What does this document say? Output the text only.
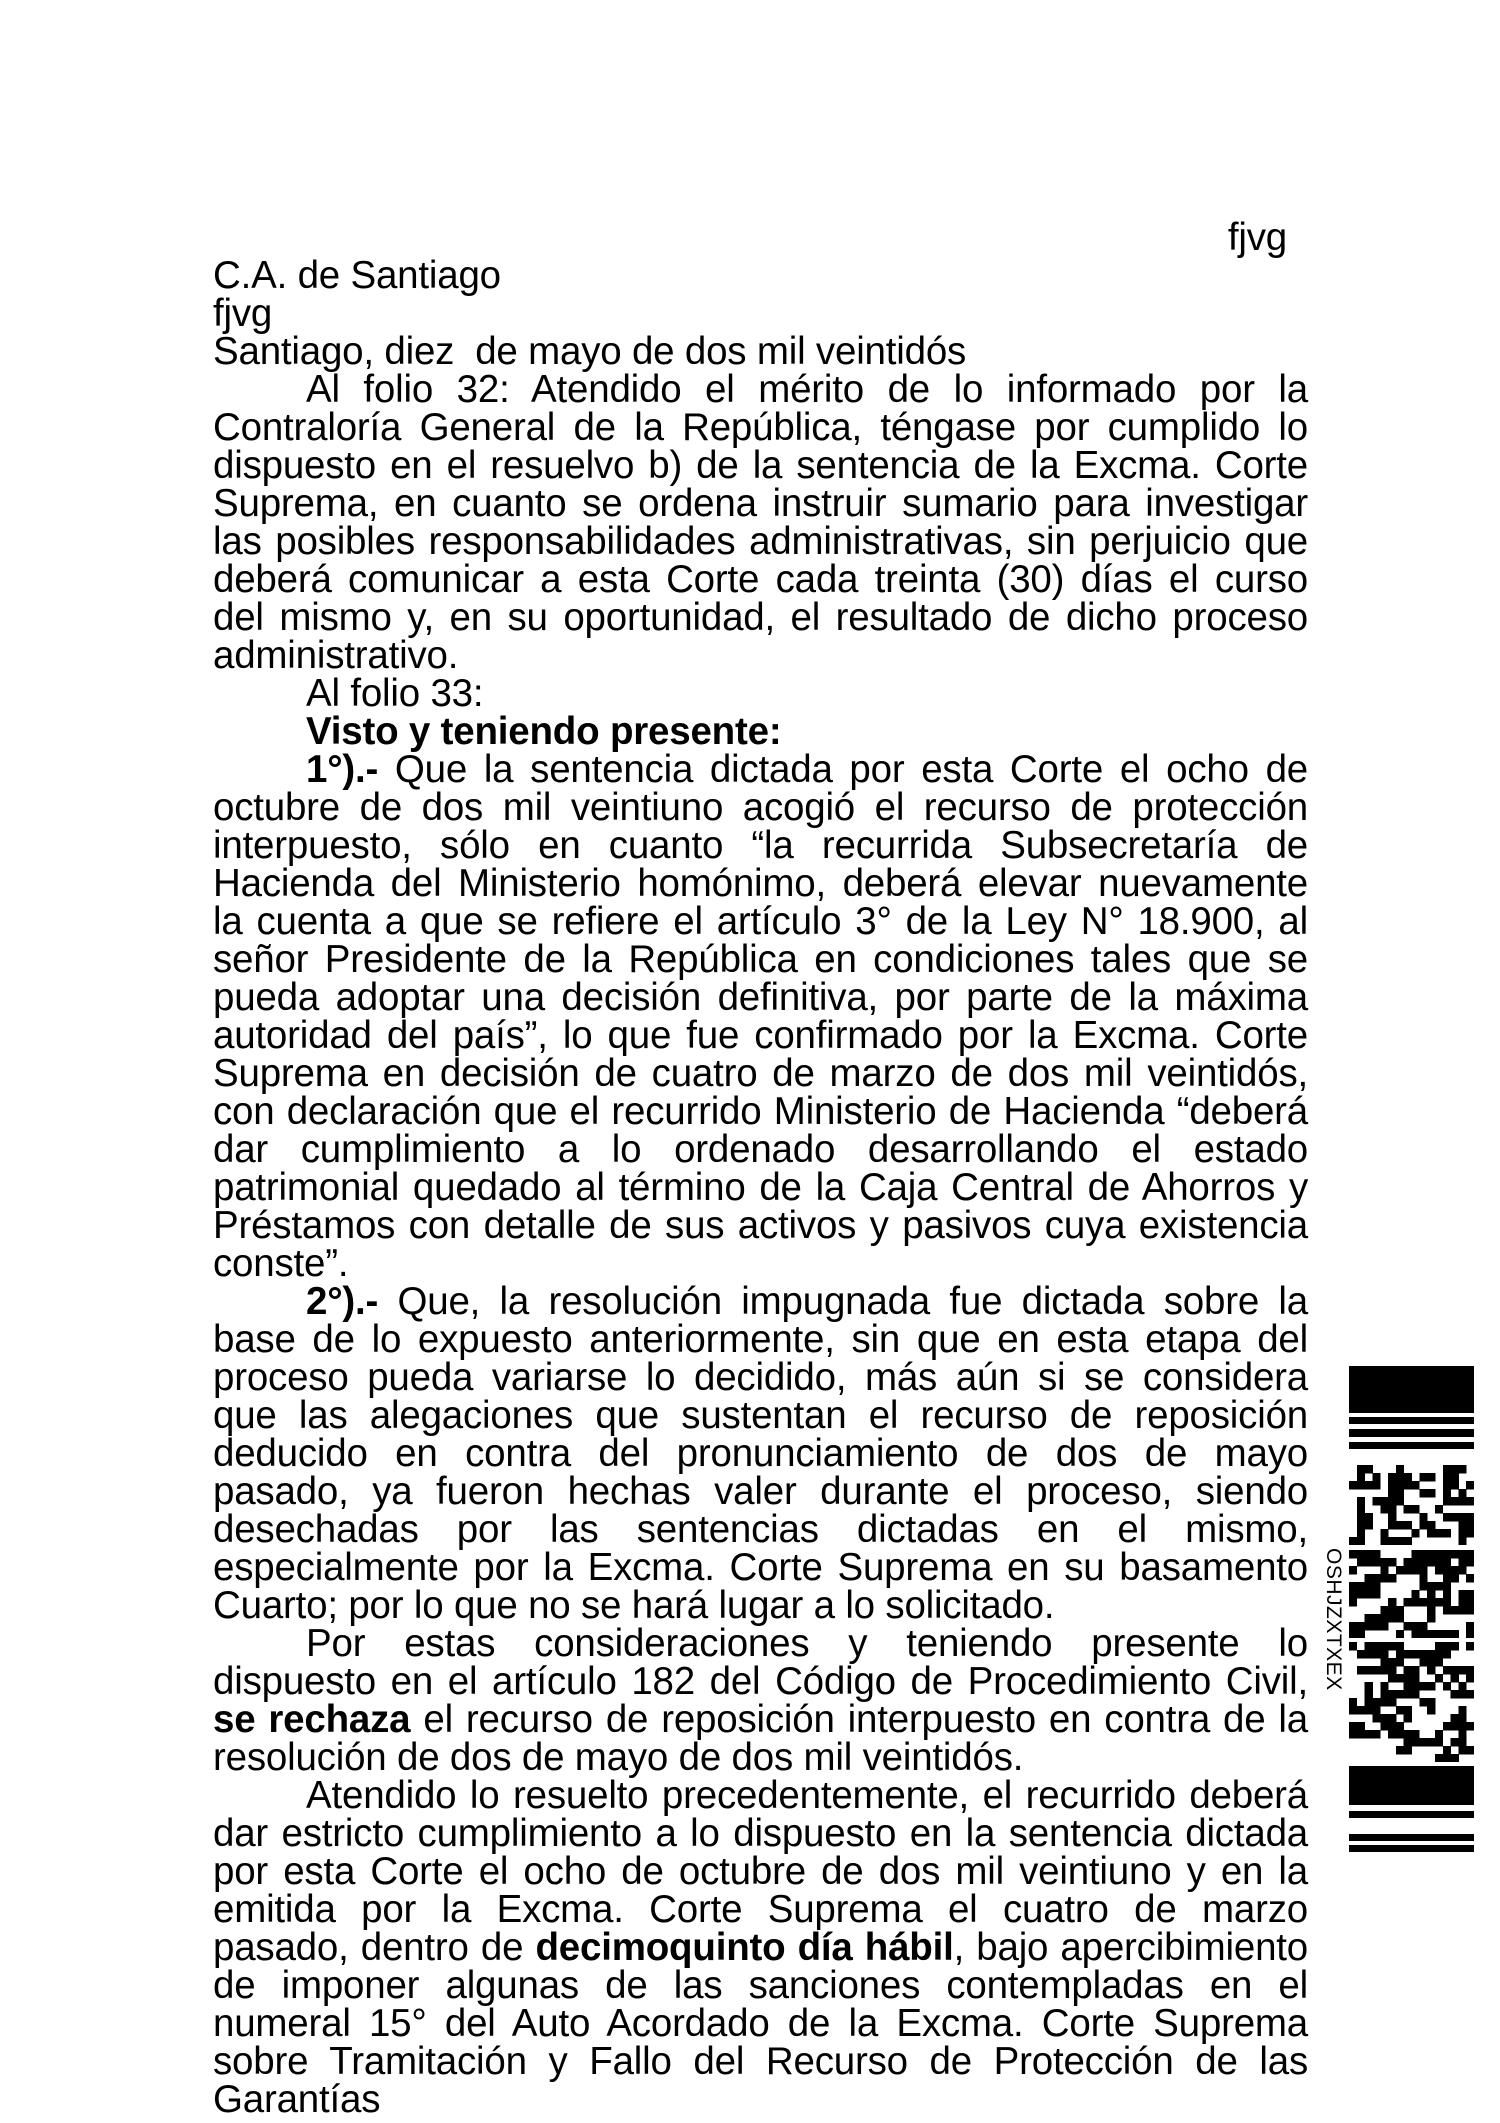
fjvg
C.A. de Santiago
fjvg
Santiago, diez  de mayo de dos mil veintidós

Al folio 32: Atendido el mérito de lo informado por la Contraloría General de la República, téngase por cumplido lo dispuesto en el resuelvo b) de la sentencia de la Excma. Corte Suprema, en cuanto se ordena instruir sumario para investigar las posibles responsabilidades administrativas, sin perjuicio que deberá comunicar a esta Corte cada treinta (30) días el curso del mismo y, en su oportunidad, el resultado de dicho proceso administrativo.

Al folio 33:

Visto y teniendo presente:

1°).- Que la sentencia dictada por esta Corte el ocho de octubre de dos mil veintiuno acogió el recurso de protección interpuesto, sólo en cuanto “la recurrida Subsecretaría de Hacienda del Ministerio homónimo, deberá elevar nuevamente la cuenta a que se refiere el artículo 3° de la Ley N° 18.900, al señor Presidente de la República en condiciones tales que se pueda adoptar una decisión definitiva, por parte de la máxima autoridad del país”, lo que fue confirmado por la Excma. Corte Suprema en decisión de cuatro de marzo de dos mil veintidós, con declaración que el recurrido Ministerio de Hacienda “deberá dar cumplimiento a lo ordenado desarrollando el estado patrimonial quedado al término de la Caja Central de Ahorros y Préstamos con detalle de sus activos y pasivos cuya existencia conste”.

2°).- Que, la resolución impugnada fue dictada sobre la base de lo expuesto anteriormente, sin que en esta etapa del proceso pueda variarse lo decidido, más aún si se considera que las alegaciones que sustentan el recurso de reposición deducido en contra del pronunciamiento de dos de mayo pasado, ya fueron hechas valer durante el proceso, siendo desechadas por las sentencias dictadas en el mismo, especialmente por la Excma. Corte Suprema en su basamento Cuarto; por lo que no se hará lugar a lo solicitado.

Por estas consideraciones y teniendo presente lo dispuesto en el artículo 182 del Código de Procedimiento Civil, se rechaza el recurso de reposición interpuesto en contra de la resolución de dos de mayo de dos mil veintidós.

Atendido lo resuelto precedentemente, el recurrido deberá dar estricto cumplimiento a lo dispuesto en la sentencia dictada por esta Corte el ocho de octubre de dos mil veintiuno y en la emitida por la Excma. Corte Suprema el cuatro de marzo pasado, dentro de decimoquinto día hábil, bajo apercibimiento de imponer algunas de las sanciones contempladas en el numeral 15° del Auto Acordado de la Excma. Corte Suprema sobre Tramitación y Fallo del Recurso de Protección de las Garantías

OSHJZXTXEX
